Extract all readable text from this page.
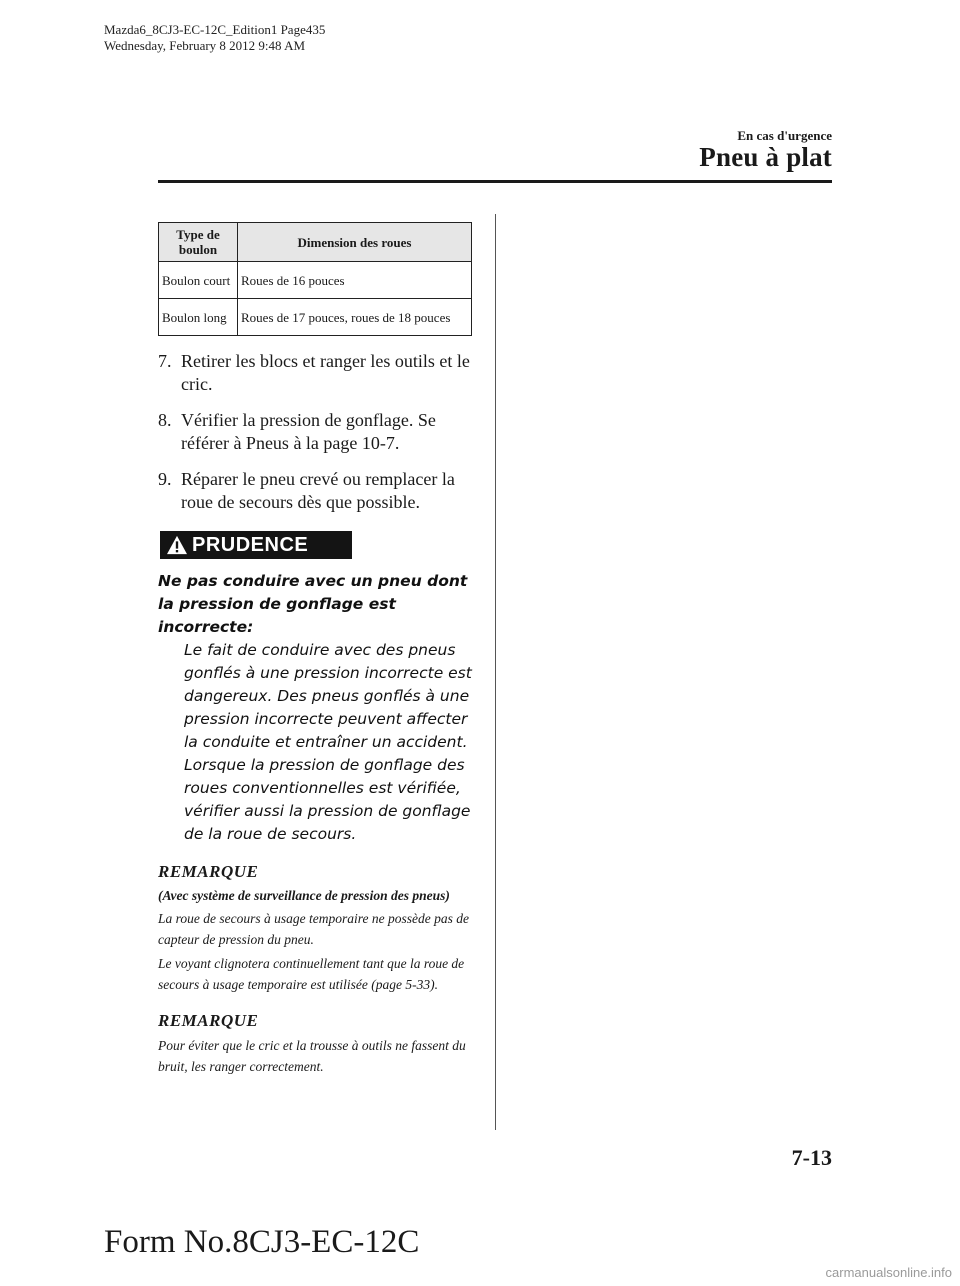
Mazda6_8CJ3-EC-12C_Edition1 Page435
Wednesday, February 8 2012 9:48 AM
En cas d'urgence
Pneu à plat
Type de boulon	Dimension des roues
Boulon court	Roues de 16 pouces
Boulon long	Roues de 17 pouces, roues de 18 pouces
7. Retirer les blocs et ranger les outils et le cric.
8. Vérifier la pression de gonflage. Se référer à Pneus à la page 10-7.
9. Réparer le pneu crevé ou remplacer la roue de secours dès que possible.
PRUDENCE
Ne pas conduire avec un pneu dont la pression de gonflage est incorrecte:
Le fait de conduire avec des pneus gonflés à une pression incorrecte est dangereux. Des pneus gonflés à une pression incorrecte peuvent affecter la conduite et entraîner un accident. Lorsque la pression de gonflage des roues conventionnelles est vérifiée, vérifier aussi la pression de gonflage de la roue de secours.
REMARQUE
(Avec système de surveillance de pression des pneus)
La roue de secours à usage temporaire ne possède pas de capteur de pression du pneu.
Le voyant clignotera continuellement tant que la roue de secours à usage temporaire est utilisée (page 5-33).
REMARQUE
Pour éviter que le cric et la trousse à outils ne fassent du bruit, les ranger correctement.
7-13
Form No.8CJ3-EC-12C
carmanualsonline.info
